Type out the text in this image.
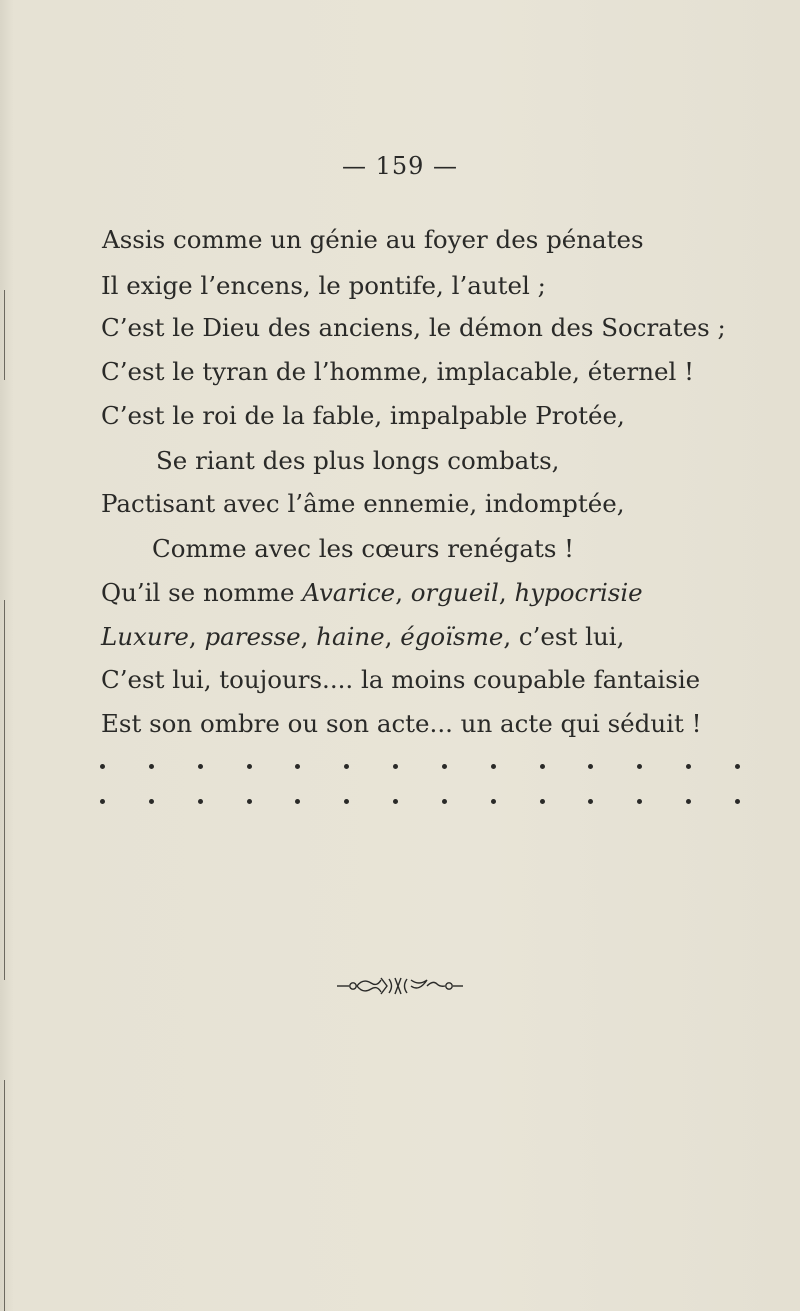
— 159 —
Assis comme un génie au foyer des pénates
Il exige l’encens, le pontife, l’autel ;
C’est le Dieu des anciens, le démon des Socrates ;
C’est le tyran de l’homme, implacable, éternel !
C’est le roi de la fable, impalpable Protée,
Se riant des plus longs combats,
Pactisant avec l’âme ennemie, indomptée,
Comme avec les cœurs renégats !
Qu’il se nomme Avarice, orgueil, hypocrisie
Luxure, paresse, haine, égoïsme, c’est lui,
C’est lui, toujours.... la moins coupable fantaisie
Est son ombre ou son acte... un acte qui séduit !
